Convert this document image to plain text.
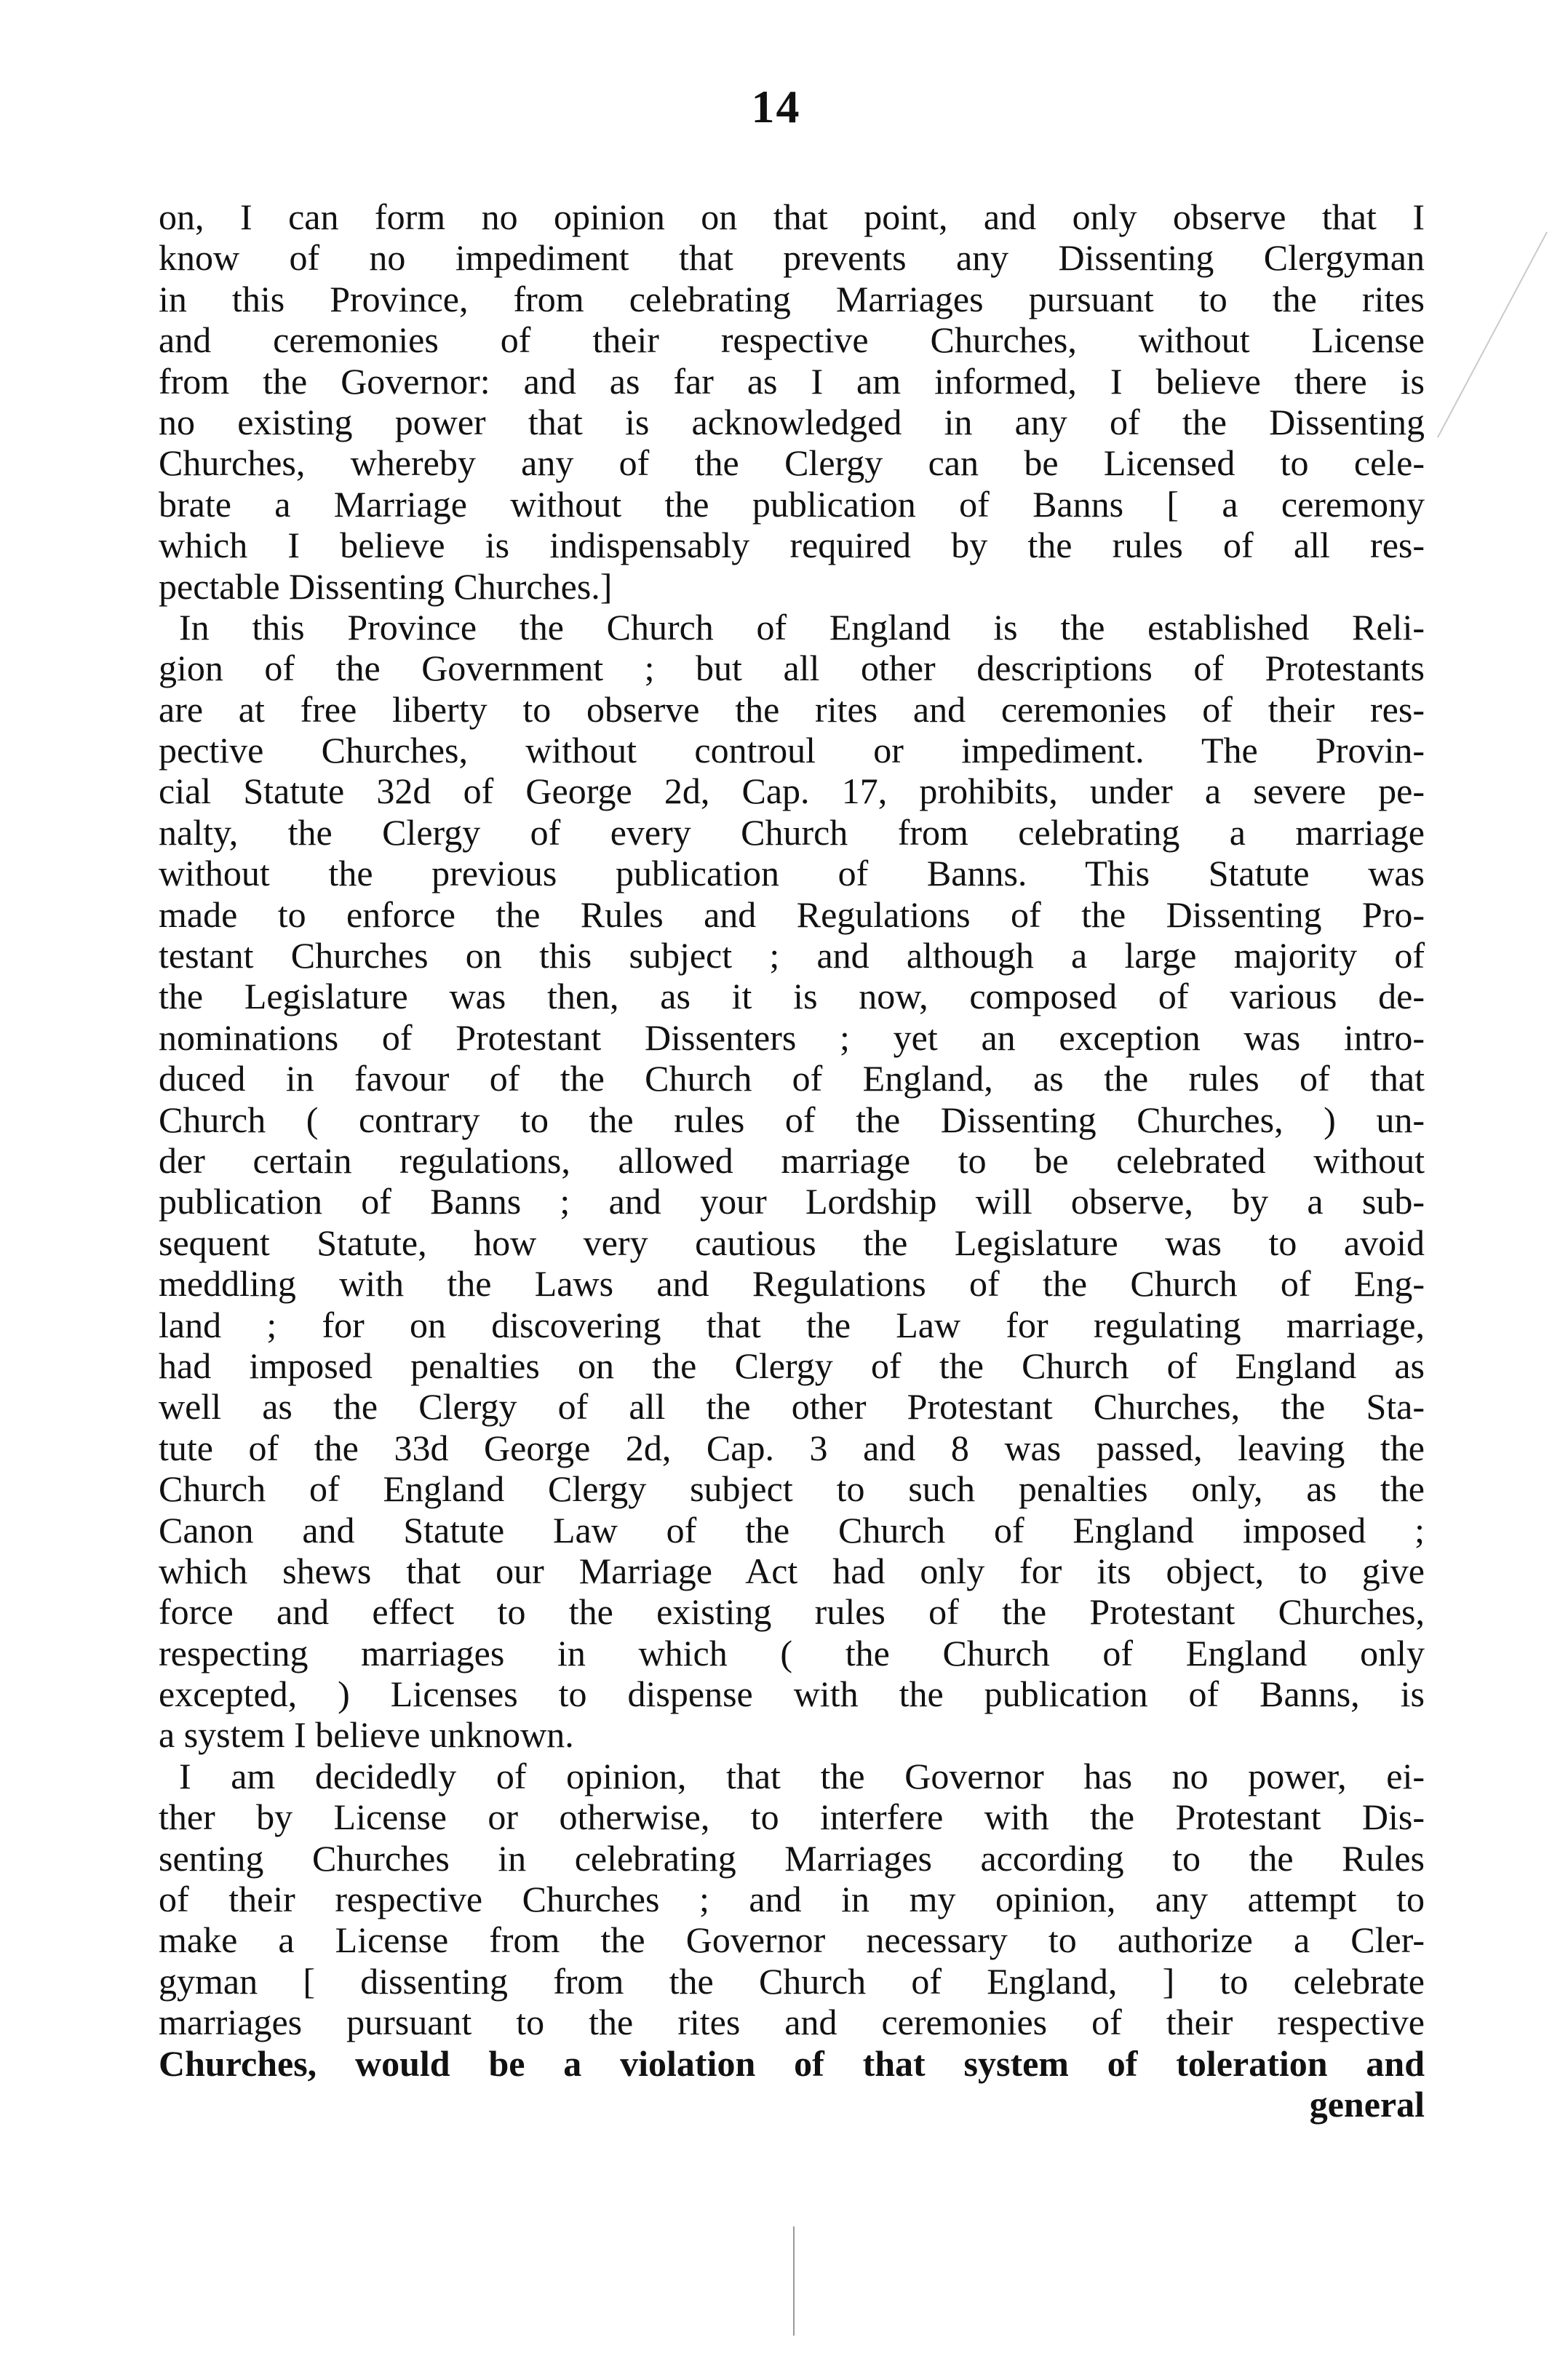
14
on, I can form no opinion on that point, and only observe that I
know of no impediment that prevents any Dissenting Clergyman
in this Province, from celebrating Marriages pursuant to the rites
and ceremonies of their respective Churches, without License
from the Governor: and as far as I am informed, I believe there is
no existing power that is acknowledged in any of the Dissenting
Churches, whereby any of the Clergy can be Licensed to cele-
brate a Marriage without the publication of Banns [ a ceremony
which I believe is indispensably required by the rules of all res-
pectable Dissenting Churches.]
In this Province the Church of England is the established Reli-
gion of the Government ; but all other descriptions of Protestants
are at free liberty to observe the rites and ceremonies of their res-
pective Churches, without controul or impediment. The Provin-
cial Statute 32d of George 2d, Cap. 17, prohibits, under a severe pe-
nalty, the Clergy of every Church from celebrating a marriage
without the previous publication of Banns. This Statute was
made to enforce the Rules and Regulations of the Dissenting Pro-
testant Churches on this subject ; and although a large majority of
the Legislature was then, as it is now, composed of various de-
nominations of Protestant Dissenters ; yet an exception was intro-
duced in favour of the Church of England, as the rules of that
Church ( contrary to the rules of the Dissenting Churches, ) un-
der certain regulations, allowed marriage to be celebrated without
publication of Banns ; and your Lordship will observe, by a sub-
sequent Statute, how very cautious the Legislature was to avoid
meddling with the Laws and Regulations of the Church of Eng-
land ; for on discovering that the Law for regulating marriage,
had imposed penalties on the Clergy of the Church of England as
well as the Clergy of all the other Protestant Churches, the Sta-
tute of the 33d George 2d, Cap. 3 and 8 was passed, leaving the
Church of England Clergy subject to such penalties only, as the
Canon and Statute Law of the Church of England imposed ;
which shews that our Marriage Act had only for its object, to give
force and effect to the existing rules of the Protestant Churches,
respecting marriages in which ( the Church of England only
excepted, ) Licenses to dispense with the publication of Banns, is
a system I believe unknown.
I am decidedly of opinion, that the Governor has no power, ei-
ther by License or otherwise, to interfere with the Protestant Dis-
senting Churches in celebrating Marriages according to the Rules
of their respective Churches ; and in my opinion, any attempt to
make a License from the Governor necessary to authorize a Cler-
gyman [ dissenting from the Church of England, ] to celebrate
marriages pursuant to the rites and ceremonies of their respective
Churches, would be a violation of that system of toleration and
general
